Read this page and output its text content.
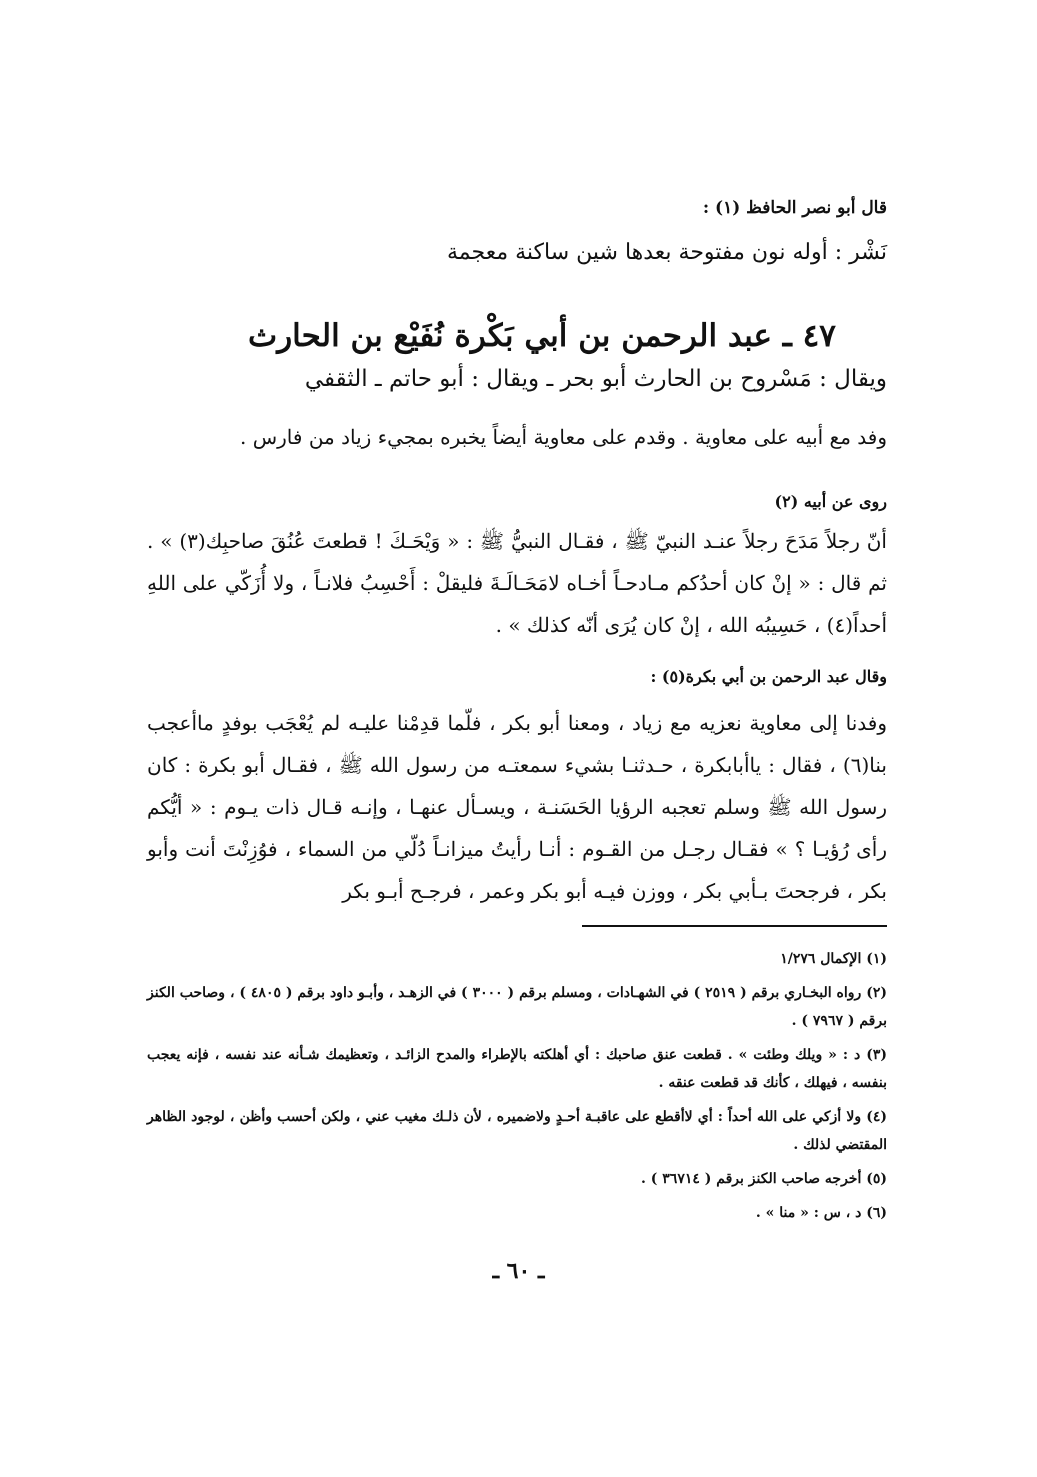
قال أبو نصر الحافظ (١) :

نَشْر : أوله نون مفتوحة بعدها شين ساكنة معجمة

٤٧ ـ عبد الرحمن بن أبي بَكْرة نُفَيْع بن الحارث

ويقال : مَسْروح بن الحارث أبو بحر ـ ويقال : أبو حاتم ـ الثقفي

وفد مع أبيه على معاوية . وقدم على معاوية أيضاً يخبره بمجيء زياد من فارس .

روى عن أبيه (٢)

أنّ رجلاً مَدَحَ رجلاً عنـد النبيّ ﷺ ، فقـال النبيُّ ﷺ : « وَيْحَـكَ ! قطعتَ عُنُقَ صاحبِك(٣) » . ثم قال : « إنْ كان أحدُكم مـادحـاً أخـاه لامَحَـالَـةَ فليقلْ : أَحْسِبُ فلانـاً ، ولا أُزَكّي على اللهِ أحداً(٤) ، حَسِيبُه الله ، إنْ كان يُرَى أنّه كذلك » .

وقال عبد الرحمن بن أبي بكرة(٥) :

وفدنا إلى معاوية نعزيه مع زياد ، ومعنا أبو بكر ، فلّما قدِمْنا عليـه لم يُعْجَب بوفدٍ ماأعجب بنا(٦) ، فقال : ياأبابكرة ، حـدثنـا بشيء سمعتـه من رسول الله ﷺ ، فقـال أبو بكرة : كان رسول الله ﷺ وسلم تعجبه الرؤيا الحَسَنـة ، ويسـأل عنهـا ، وإنـه قـال ذات يـوم : « أيُّكم رأى رُؤيـا ؟ » فقـال رجـل من القـوم : أنـا رأيتُ ميزانـاً دُلّي من السماء ، فوُزِنْتَ أنت وأبو بكر ، فرجحتَ بـأبي بكر ، ووزن فيـه أبو بكر وعمر ، فرجـح أبـو بكر

(١) الإكمال ١/٢٧٦

(٢) رواه البخـاري برقم ( ٢٥١٩ ) في الشهـادات ، ومسلم برقم ( ٣٠٠٠ ) في الزهـد ، وأبـو داود برقم ( ٤٨٠٥ ) ، وصاحب الكنز برقم ( ٧٩٦٧ ) .

(٣) د : « ويلك وطئت » . قطعت عنق صاحبك : أي أهلكته بالإطراء والمدح الزائـد ، وتعظيمك شـأنه عند نفسه ، فإنه يعجب بنفسه ، فيهلك ، كأنك قد قطعت عنقه .

(٤) ولا أزكي على الله أحداً : أي لاأقطع على عاقبـة أحـدٍ ولاضميره ، لأن ذلـك مغيب عني ، ولكن أحسب وأظن ، لوجود الظاهر المقتضي لذلك .

(٥) أخرجه صاحب الكنز برقم ( ٣٦٧١٤ ) .

(٦) د ، س : « منا » .

ـ ٦٠ ـ
